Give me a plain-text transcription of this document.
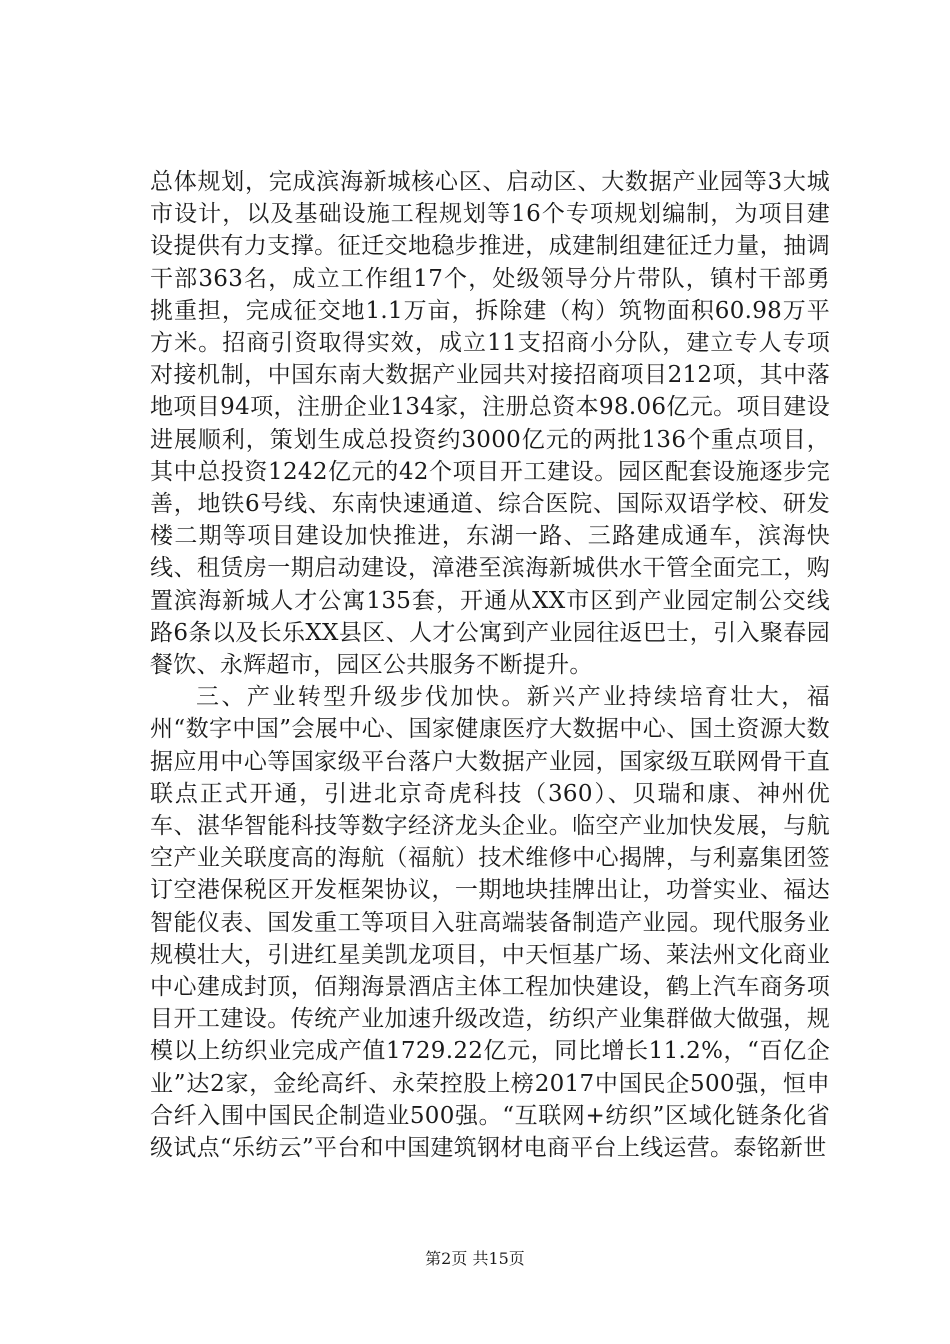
总体规划，完成滨海新城核心区、启动区、大数据产业园等3大城市设计，以及基础设施工程规划等16个专项规划编制，为项目建设提供有力支撑。征迁交地稳步推进，成建制组建征迁力量，抽调干部363名，成立工作组17个，处级领导分片带队，镇村干部勇挑重担，完成征交地1.1万亩，拆除建（构）筑物面积60.98万平方米。招商引资取得实效，成立11支招商小分队，建立专人专项对接机制，中国东南大数据产业园共对接招商项目212项，其中落地项目94项，注册企业134家，注册总资本98.06亿元。项目建设进展顺利，策划生成总投资约3000亿元的两批136个重点项目，其中总投资1242亿元的42个项目开工建设。园区配套设施逐步完善，地铁6号线、东南快速通道、综合医院、国际双语学校、研发楼二期等项目建设加快推进，东湖一路、三路建成通车，滨海快线、租赁房一期启动建设，漳港至滨海新城供水干管全面完工，购置滨海新城人才公寓135套，开通从XX市区到产业园定制公交线路6条以及长乐XX县区、人才公寓到产业园往返巴士，引入聚春园餐饮、永辉超市，园区公共服务不断提升。

三、产业转型升级步伐加快。新兴产业持续培育壮大，福州“数字中国”会展中心、国家健康医疗大数据中心、国土资源大数据应用中心等国家级平台落户大数据产业园，国家级互联网骨干直联点正式开通，引进北京奇虎科技（360）、贝瑞和康、神州优车、湛华智能科技等数字经济龙头企业。临空产业加快发展，与航空产业关联度高的海航（福航）技术维修中心揭牌，与利嘉集团签订空港保税区开发框架协议，一期地块挂牌出让，功誉实业、福达智能仪表、国发重工等项目入驻高端装备制造产业园。现代服务业规模壮大，引进红星美凯龙项目，中天恒基广场、莱法州文化商业中心建成封顶，佰翔海景酒店主体工程加快建设，鹤上汽车商务项目开工建设。传统产业加速升级改造，纺织产业集群做大做强，规模以上纺织业完成产值1729.22亿元，同比增长11.2%，“百亿企业”达2家，金纶高纤、永荣控股上榜2017中国民企500强，恒申合纤入围中国民企制造业500强。“互联网+纺织”区域化链条化省级试点“乐纺云”平台和中国建筑钢材电商平台上线运营。泰铭新世

第2页 共15页
